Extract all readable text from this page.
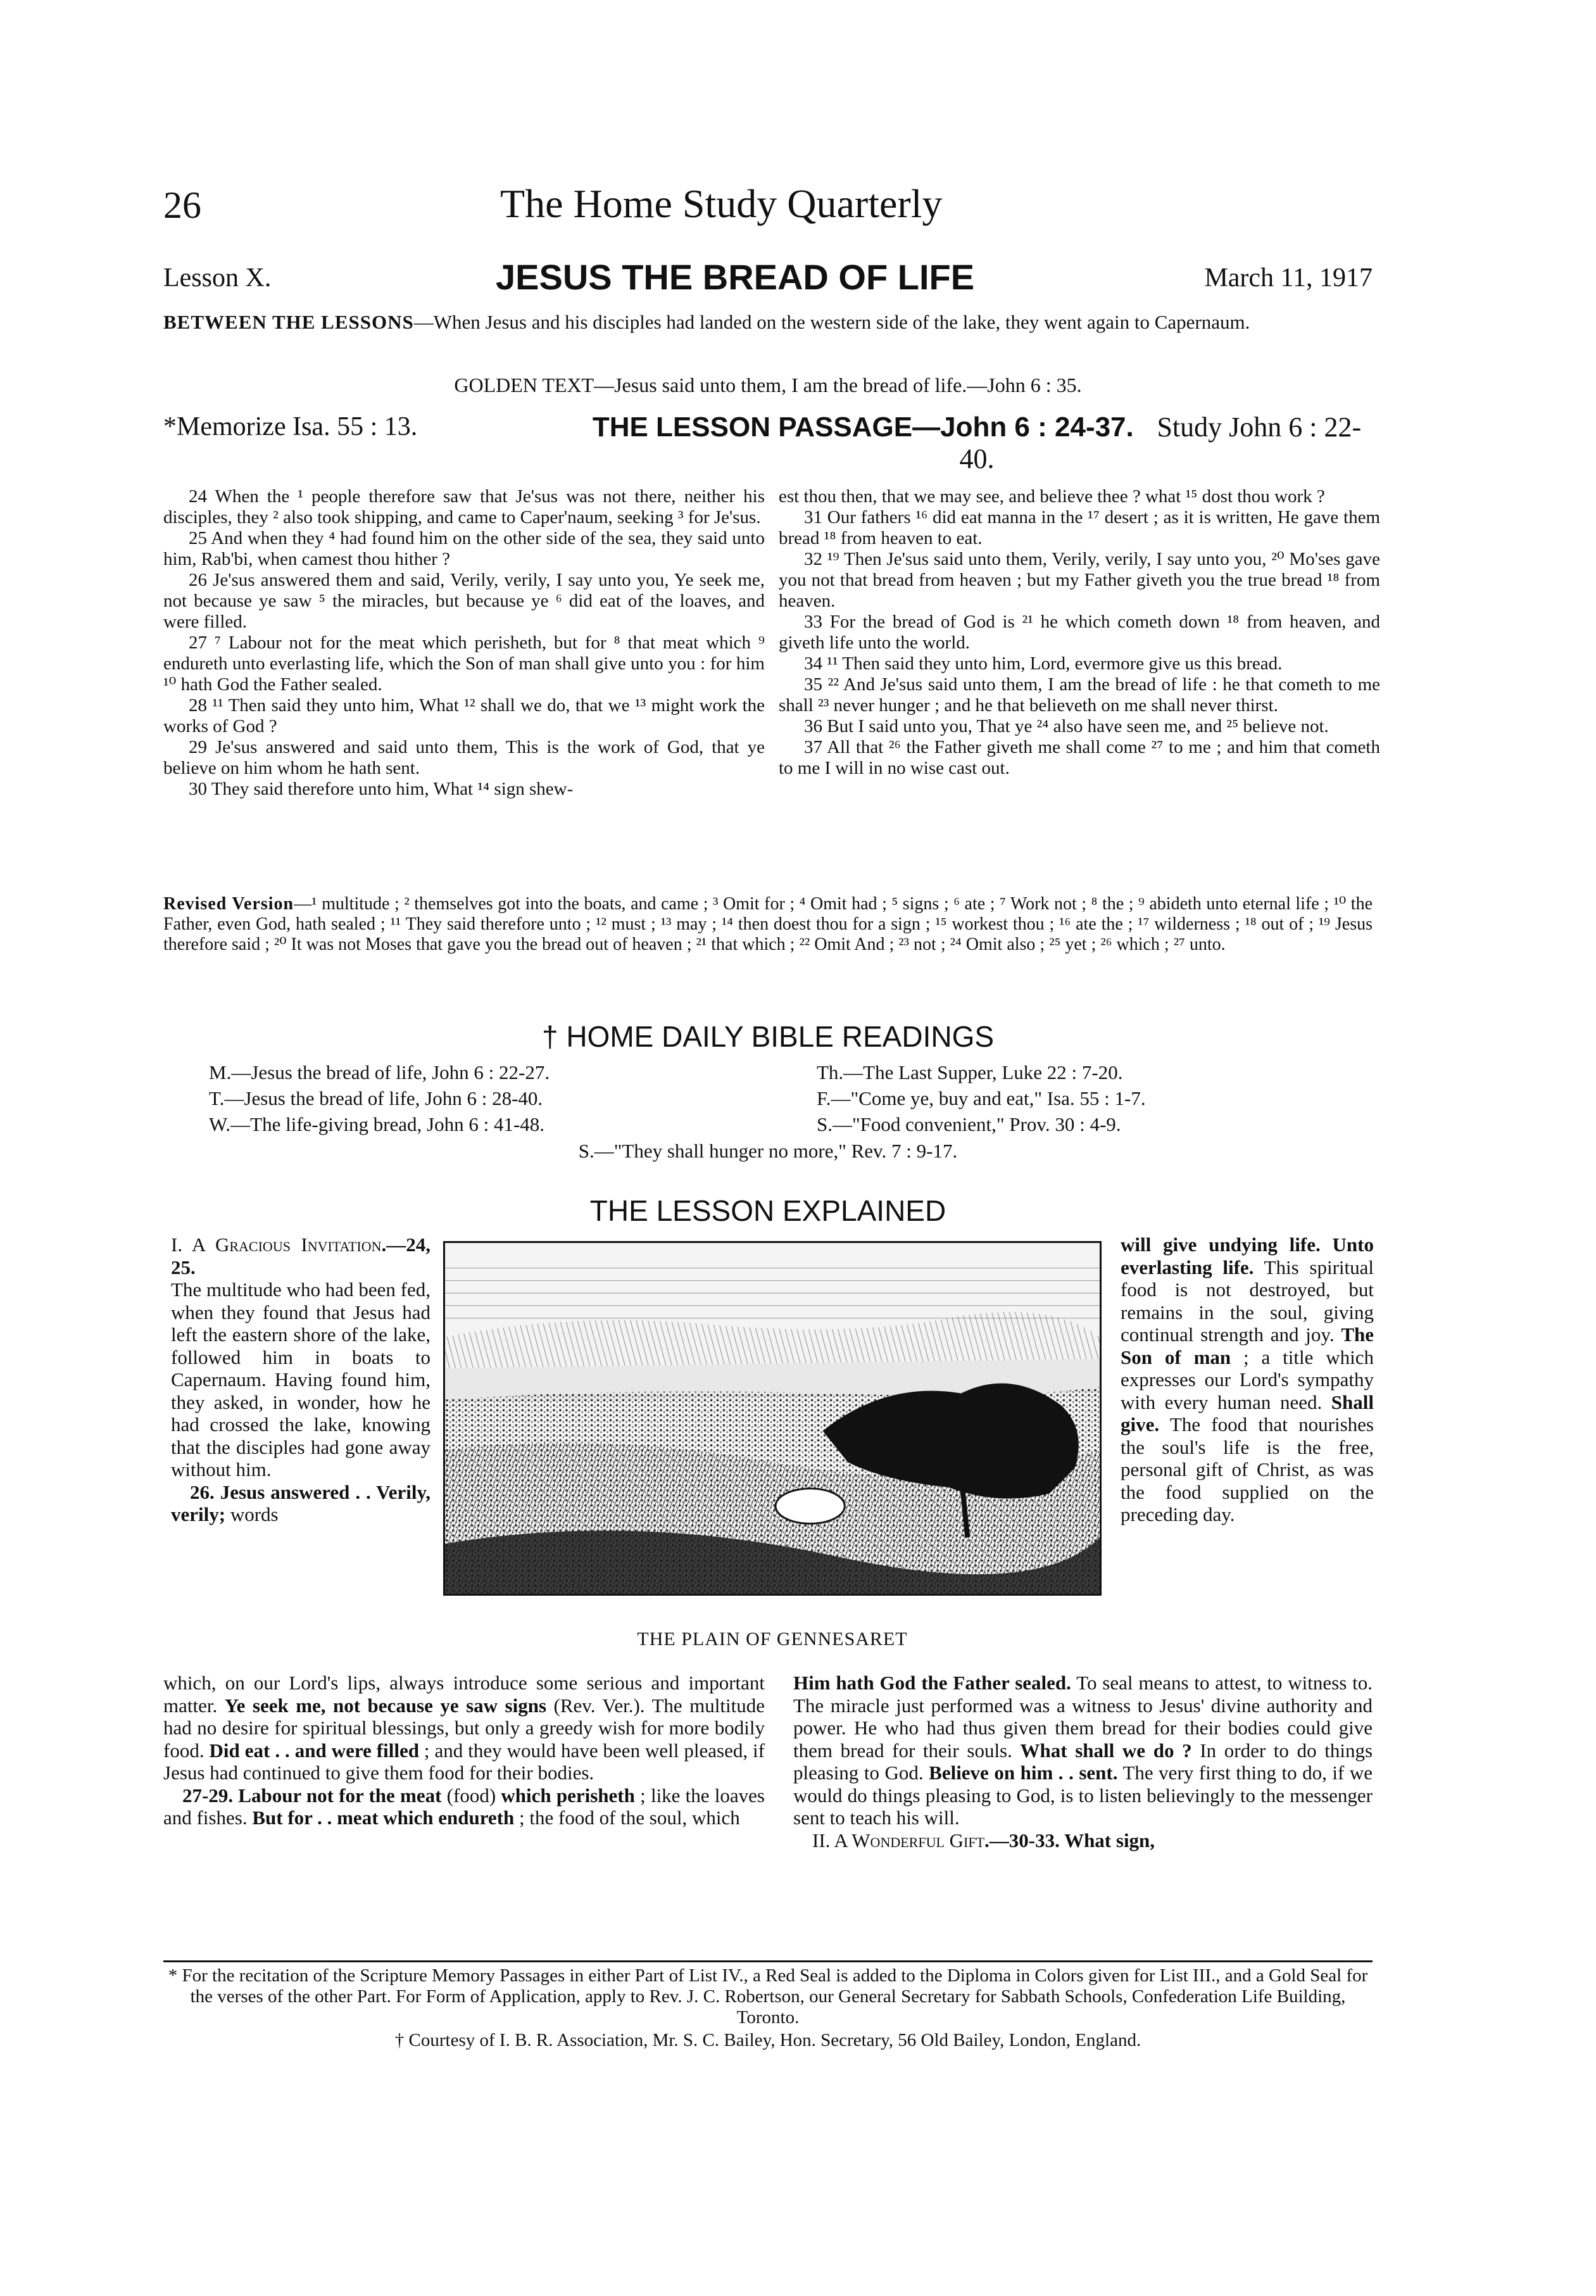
26	The Home Study Quarterly
Lesson X.	JESUS THE BREAD OF LIFE	March 11, 1917
BETWEEN THE LESSONS—When Jesus and his disciples had landed on the western side of the lake, they went again to Capernaum.
GOLDEN TEXT—Jesus said unto them, I am the bread of life.—John 6 : 35.
*Memorize Isa. 55 : 13.	THE LESSON PASSAGE—John 6 : 24-37. Study John 6 : 22-40.

24 When the ¹ people therefore saw that Je'sus was not there, neither his disciples, they ² also took shipping, and came to Caper'naum, seeking ³ for Je'sus.

25 And when they ⁴ had found him on the other side of the sea, they said unto him, Rab'bi, when camest thou hither ?

26 Je'sus answered them and said, Verily, verily, I say unto you, Ye seek me, not because ye saw ⁵ the miracles, but because ye ⁶ did eat of the loaves, and were filled.

27 ⁷ Labour not for the meat which perisheth, but for ⁸ that meat which ⁹ endureth unto everlasting life, which the Son of man shall give unto you : for him ¹⁰ hath God the Father sealed.

28 ¹¹ Then said they unto him, What ¹² shall we do, that we ¹³ might work the works of God ?

29 Je'sus answered and said unto them, This is the work of God, that ye believe on him whom he hath sent.

30 They said therefore unto him, What ¹⁴ sign shew-

est thou then, that we may see, and believe thee ? what ¹⁵ dost thou work ?

31 Our fathers ¹⁶ did eat manna in the ¹⁷ desert ; as it is written, He gave them bread ¹⁸ from heaven to eat.

32 ¹⁹ Then Je'sus said unto them, Verily, verily, I say unto you, ²⁰ Mo'ses gave you not that bread from heaven ; but my Father giveth you the true bread ¹⁸ from heaven.

33 For the bread of God is ²¹ he which cometh down ¹⁸ from heaven, and giveth life unto the world.

34 ¹¹ Then said they unto him, Lord, evermore give us this bread.

35 ²² And Je'sus said unto them, I am the bread of life : he that cometh to me shall ²³ never hunger ; and he that believeth on me shall never thirst.

36 But I said unto you, That ye ²⁴ also have seen me, and ²⁵ believe not.

37 All that ²⁶ the Father giveth me shall come ²⁷ to me ; and him that cometh to me I will in no wise cast out.

Revised Version—¹ multitude ; ² themselves got into the boats, and came ; ³ Omit for ; ⁴ Omit had ; ⁵ signs ; ⁶ ate ; ⁷ Work not ; ⁸ the ; ⁹ abideth unto eternal life ; ¹⁰ the Father, even God, hath sealed ; ¹¹ They said therefore unto ; ¹² must ; ¹³ may ; ¹⁴ then doest thou for a sign ; ¹⁵ workest thou ; ¹⁶ ate the ; ¹⁷ wilderness ; ¹⁸ out of ; ¹⁹ Jesus therefore said ; ²⁰ It was not Moses that gave you the bread out of heaven ; ²¹ that which ; ²² Omit And ; ²³ not ; ²⁴ Omit also ; ²⁵ yet ; ²⁶ which ; ²⁷ unto.
† HOME DAILY BIBLE READINGS
M.—Jesus the bread of life, John 6 : 22-27.
T.—Jesus the bread of life, John 6 : 28-40.
W.—The life-giving bread, John 6 : 41-48.
Th.—The Last Supper, Luke 22 : 7-20.
F.—"Come ye, buy and eat," Isa. 55 : 1-7.
S.—"Food convenient," Prov. 30 : 4-9.
S.—"They shall hunger no more," Rev. 7 : 9-17.
THE LESSON EXPLAINED

I. A Gracious Invitation.—24, 25.

The multitude who had been fed, when they found that Jesus had left the eastern shore of the lake, followed him in boats to Capernaum. Having found him, they asked, in wonder, how he had crossed the lake, knowing that the disciples had gone away without him.

26. Jesus answered . . Verily, verily; words

THE PLAIN OF GENNESARET

will give undying life. Unto everlasting life. This spiritual food is not destroyed, but remains in the soul, giving continual strength and joy. The Son of man ; a title which expresses our Lord's sympathy with every human need. Shall give. The food that nourishes the soul's life is the free, personal gift of Christ, as was the food supplied on the preceding day.

which, on our Lord's lips, always introduce some serious and important matter. Ye seek me, not because ye saw signs (Rev. Ver.). The multitude had no desire for spiritual blessings, but only a greedy wish for more bodily food. Did eat . . and were filled ; and they would have been well pleased, if Jesus had continued to give them food for their bodies.

27-29. Labour not for the meat (food) which perisheth ; like the loaves and fishes. But for . . meat which endureth ; the food of the soul, which

Him hath God the Father sealed. To seal means to attest, to witness to. The miracle just performed was a witness to Jesus' divine authority and power. He who had thus given them bread for their bodies could give them bread for their souls. What shall we do ? In order to do things pleasing to God. Believe on him . . sent. The very first thing to do, if we would do things pleasing to God, is to listen believingly to the messenger sent to teach his will.

II. A Wonderful Gift.—30-33. What sign,

* For the recitation of the Scripture Memory Passages in either Part of List IV., a Red Seal is added to the Diploma in Colors given for List III., and a Gold Seal for the verses of the other Part. For Form of Application, apply to Rev. J. C. Robertson, our General Secretary for Sabbath Schools, Confederation Life Building, Toronto.
† Courtesy of I. B. R. Association, Mr. S. C. Bailey, Hon. Secretary, 56 Old Bailey, London, England.
